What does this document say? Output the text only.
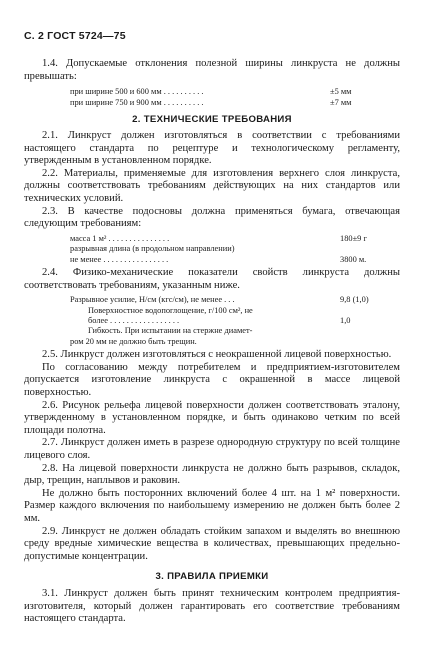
С. 2 ГОСТ 5724—75

1.4. Допускаемые отклонения полезной ширины линкруста не должны превышать:

при ширине 500 и 600 мм . . . . . . . . . .	±5 мм
при ширине 750 и 900 мм . . . . . . . . . .	±7 мм
2. ТЕХНИЧЕСКИЕ ТРЕБОВАНИЯ

2.1. Линкруст должен изготовляться в соответствии с требованиями настоящего стандарта по рецептуре и технологическому регламенту, утвержденным в установленном порядке.

2.2. Материалы, применяемые для изготовления верхнего слоя линкруста, должны соответствовать требованиям действующих на них стандартов или технических условий.

2.3. В качестве подосновы должна применяться бумага, отвечающая следующим требованиям:

масса 1 м² . . . . . . . . . . . . . . .	180±9 г
разрывная длина (в продольном направлении)
не менее . . . . . . . . . . . . . . . .	3800 м.

2.4. Физико-механические показатели свойств линкруста должны соответствовать требованиям, указанным ниже.

Разрывное усилие, Н/см (кгс/см), не менее . . .	9,8 (1,0)
Поверхностное водопоглощение, г/100 см², не
более . . . . . . . . . . . . . . . . .	1,0
Гибкость. При испытании на стержне диамет-
ром 20 мм не должно быть трещин.

2.5. Линкруст должен изготовляться с неокрашенной лицевой поверхностью.

По согласованию между потребителем и предприятием-изготовителем допускается изготовление линкруста с окрашенной в массе лицевой поверхностью.

2.6. Рисунок рельефа лицевой поверхности должен соответствовать эталону, утвержденному в установленном порядке, и быть одинаково четким по всей площади полотна.

2.7. Линкруст должен иметь в разрезе однородную структуру по всей толщине лицевого слоя.

2.8. На лицевой поверхности линкруста не должно быть разрывов, складок, дыр, трещин, наплывов и раковин.

Не должно быть посторонних включений более 4 шт. на 1 м² поверхности. Размер каждого включения по наибольшему измерению не должен быть более 2 мм.

2.9. Линкруст не должен обладать стойким запахом и выделять во внешнюю среду вредные химические вещества в количествах, превышающих предельно-допустимые концентрации.

3. ПРАВИЛА ПРИЕМКИ

3.1. Линкруст должен быть принят техническим контролем предприятия-изготовителя, который должен гарантировать его соответствие требованиям настоящего стандарта.
